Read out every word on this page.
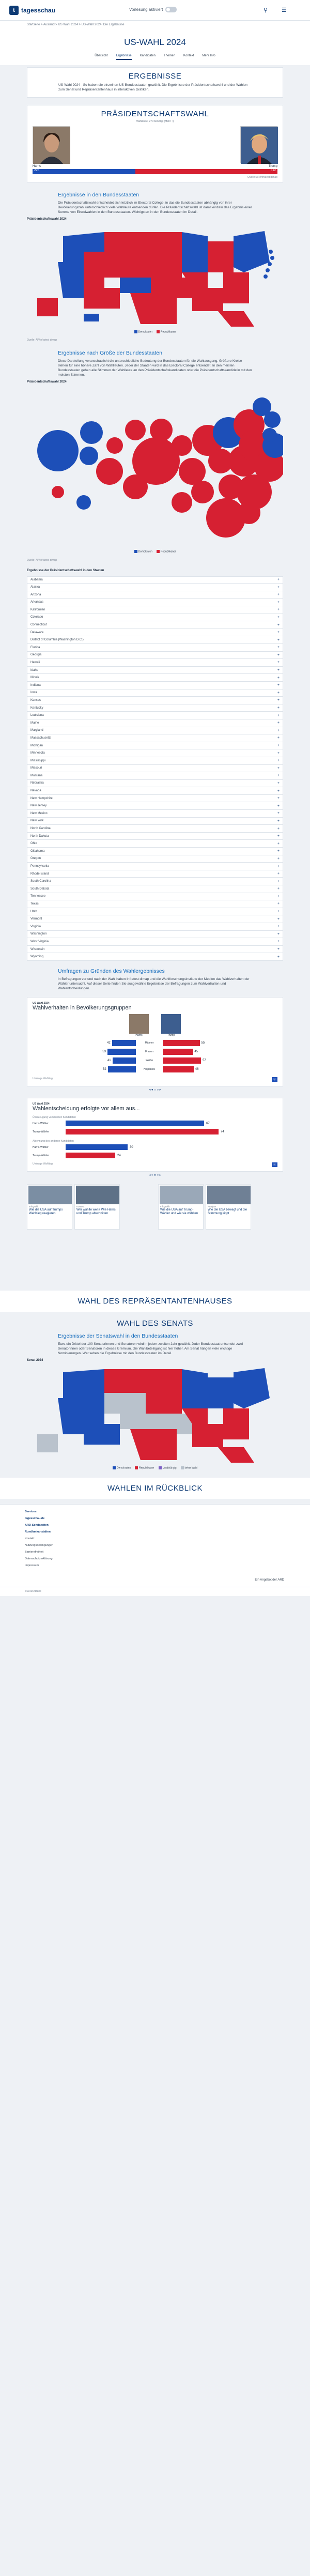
t	tagesschau	Vorlesung aktiviert	⚲ ☰
Startseite > Ausland > US Wahl 2024 > US-Wahl 2024: Die Ergebnisse
US-WAHL 2024
Übersicht	Ergebnisse	Kandidaten	Themen	Kontext	Mehr Info
ERGEBNISSE

US-Wahl 2024 - So haben die einzelnen US-Bundesstaaten gewählt. Die Ergebnisse der Präsidentschaftswahl und der Wahlen zum Senat und Repräsentantenhaus in interaktiven Grafiken.

PRÄSIDENTSCHAFTSWAHL
Wahlleute, 270 benötigt (Mehr ↑)
Harris	Trump
226	312
Quelle: AP/Infratest dimap
Ergebnisse in den Bundesstaaten

Die Präsidentschaftswahl entscheidet sich letztlich im Electoral College, in das die Bundesstaaten abhängig von ihrer Bevölkerungszahl unterschiedlich viele Wahlleute entsenden dürfen. Die Präsidentschaftswahl ist damit einzeln das Ergebnis einer Summe von Einzelwahlen in den Bundesstaaten. Wichtigsten in den Bundesstaaten im Detail.

Präsidentschaftswahl 2024
Demokraten	Republikaner
Quelle: AP/Infratest dimap
Ergebnisse nach Größe der Bundesstaaten

Diese Darstellung veranschaulicht die unterschiedliche Bedeutung der Bundesstaaten für die Wahlausgang. Größere Kreise stehen für eine höhere Zahl von Wahlleuten. Jeder der Staaten wird in das Electoral College entsendet. In den meisten Bundesstaaten gehen alle Stimmen der Wahlleute an den Präsidentschaftskandidaten oder die Präsidentschaftskandidatin mit den meisten Stimmen.

Präsidentschaftswahl 2024
Demokraten	Republikaner
Quelle: AP/Infratest dimap
Ergebnisse der Präsidentschaftswahl in den Staaten
Alabama	+
Alaska	+
Arizona	+
Arkansas	+
Kalifornien	+
Colorado	+
Connecticut	+
Delaware	+
District of Columbia (Washington D.C.)	+
Florida	+
Georgia	+
Hawaii	+
Idaho	+
Illinois	+
Indiana	+
Iowa	+
Kansas	+
Kentucky	+
Louisiana	+
Maine	+
Maryland	+
Massachusetts	+
Michigan	+
Minnesota	+
Mississippi	+
Missouri	+
Montana	+
Nebraska	+
Nevada	+
New Hampshire	+
New Jersey	+
New Mexico	+
New York	+
North Carolina	+
North Dakota	+
Ohio	+
Oklahoma	+
Oregon	+
Pennsylvania	+
Rhode Island	+
South Carolina	+
South Dakota	+
Tennessee	+
Texas	+
Utah	+
Vermont	+
Virginia	+
Washington	+
West Virginia	+
Wisconsin	+
Wyoming	+
Umfragen zu Gründen des Wahlergebnisses

In Befragungen vor und nach der Wahl haben Infratest dimap und die Wahlforschungsinstitute der Medien das Wahlverhalten der Wähler untersucht. Auf dieser Seite finden Sie ausgewählte Ergebnisse der Befragungen zum Wahlverhalten und Wahlentscheidungen.

US Wahl 2024
Wahlverhalten in Bevölkerungsgruppen
Harris	Trump
42	Männer	55
53	Frauen	45
41	Weiße	57
52	Hispanics	46
Umfrage Wahltag	ⓘ
◂ ● ○ ○ ▸
US Wahl 2024
Wahlentscheidung erfolgte vor allem aus...
Überzeugung vom besten Kandidaten
Harris-Wähler	67
Trump-Wähler	74
Ablehnung des anderen Kandidaten
Harris-Wähler	30
Trump-Wähler	24
Umfrage Wahltag	ⓘ
◂ ○ ● ○ ▸
Infografik
Wie die USA auf Trumps Wahlsieg reagieren
Kontext
Wer wählte wen? Wie Harris und Trump abschnitten
Infografik
Wie die USA auf Trump-Wähler und wie sie wählten
Analyse
Wie die USA bewegt und die Stimmung kippt
WAHL DES REPRÄSENTANTENHAUSES
WAHL DES SENATS
Ergebnisse der Senatswahl in den Bundesstaaten

Etwa ein Drittel der 100 Senatorinnen und Senatoren wird in jedem zweiten Jahr gewählt. Jeder Bundesstaat entsendet zwei Senatorinnen oder Senatoren in dieses Gremium. Die Wahlbeteiligung ist hier höher. Am Senat hängen viele wichtige Nominierungen. Wer sehen die Ergebnisse mit den Bundesstaaten im Detail.

Senat 2024
Demokraten	Republikaner	Unabhängig	keine Wahl
WAHLEN IM RÜCKBLICK
Services
tagesschau.de
ARD-Sendezeiten
Rundfunkanstalten
Kontakt
Nutzungsbedingungen
Barrierefreiheit
Datenschutzerklärung
Impressum
Ein Angebot der ARD
© ARD Aktuell
